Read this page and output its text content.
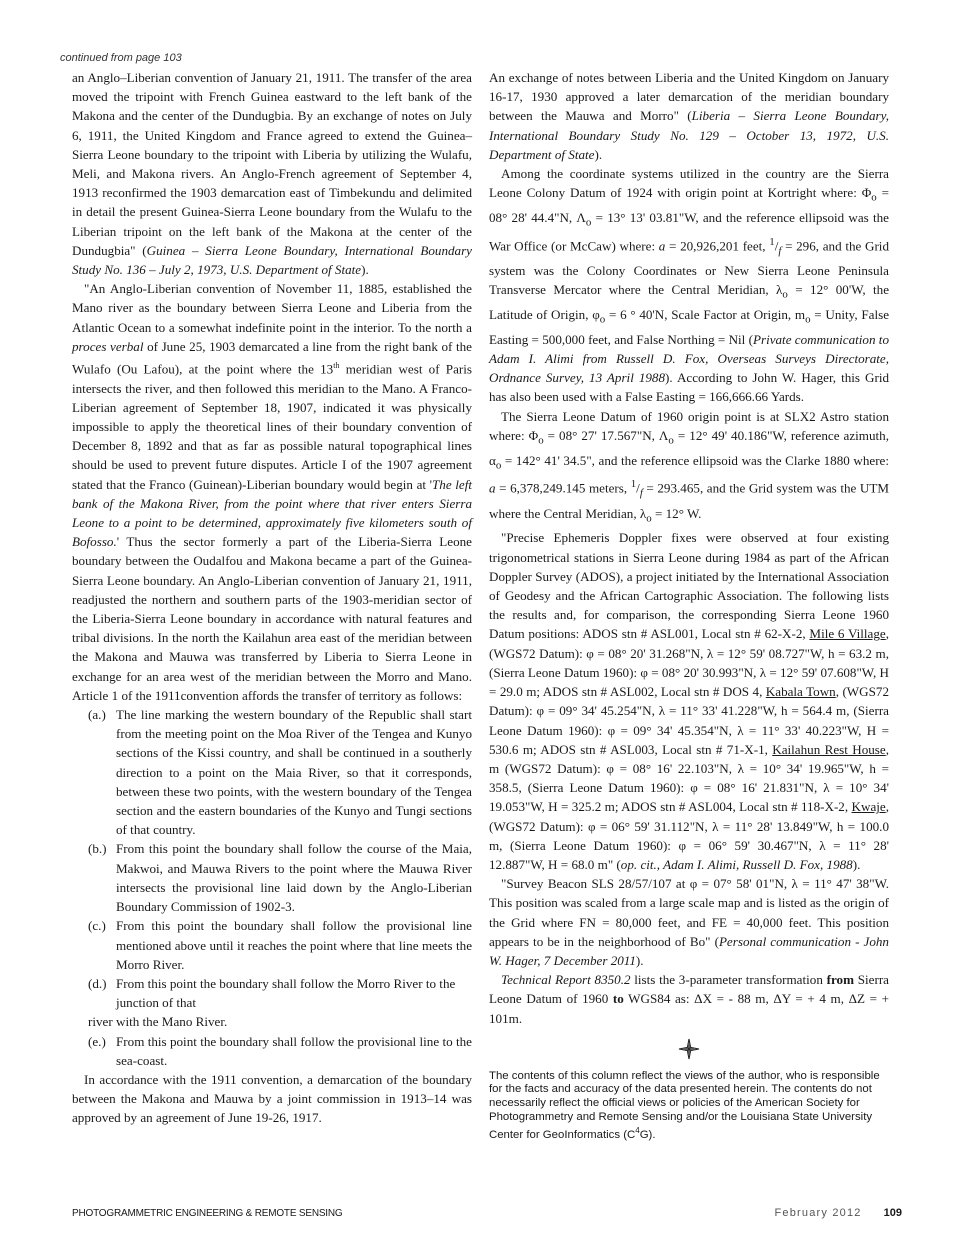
continued from page 103

an Anglo–Liberian convention of January 21, 1911. The transfer of the area moved the tripoint with French Guinea eastward to the left bank of the Makona and the center of the Dundugbia. By an exchange of notes on July 6, 1911, the United Kingdom and France agreed to extend the Guinea–Sierra Leone boundary to the tripoint with Liberia by utilizing the Wulafu, Meli, and Makona rivers. An Anglo-French agreement of September 4, 1913 reconfirmed the 1903 demarcation east of Timbekundu and delimited in detail the present Guinea-Sierra Leone boundary from the Wulafu to the Liberian tripoint on the left bank of the Makona at the center of the Dundugbia" (Guinea – Sierra Leone Boundary, International Boundary Study No. 136 – July 2, 1973, U.S. Department of State).

"An Anglo-Liberian convention of November 11, 1885, established the Mano river as the boundary between Sierra Leone and Liberia from the Atlantic Ocean to a somewhat indefinite point in the interior. To the north a proces verbal of June 25, 1903 demarcated a line from the right bank of the Wulafo (Ou Lafou), at the point where the 13th meridian west of Paris intersects the river, and then followed this meridian to the Mano. A Franco-Liberian agreement of September 18, 1907, indicated it was physically impossible to apply the theoretical lines of their boundary convention of December 8, 1892 and that as far as possible natural topographical lines should be used to prevent future disputes. Article I of the 1907 agreement stated that the Franco (Guinean)-Liberian boundary would begin at 'The left bank of the Makona River, from the point where that river enters Sierra Leone to a point to be determined, approximately five kilometers south of Bofosso.' Thus the sector formerly a part of the Liberia-Sierra Leone boundary between the Oudalfou and Makona became a part of the Guinea-Sierra Leone boundary. An Anglo-Liberian convention of January 21, 1911, readjusted the northern and southern parts of the 1903-meridian sector of the Liberia-Sierra Leone boundary in accordance with natural features and tribal divisions. In the north the Kailahun area east of the meridian between the Makona and Mauwa was transferred by Liberia to Sierra Leone in exchange for an area west of the meridian between the Morro and Mano. Article 1 of the 1911convention affords the transfer of territory as follows:

(a.) The line marking the western boundary of the Republic shall start from the meeting point on the Moa River of the Tengea and Kunyo sections of the Kissi country, and shall be continued in a southerly direction to a point on the Maia River, so that it corresponds, between these two points, with the western boundary of the Tengea section and the eastern boundaries of the Kunyo and Tungi sections of that country.
(b.) From this point the boundary shall follow the course of the Maia, Makwoi, and Mauwa Rivers to the point where the Mauwa River intersects the provisional line laid down by the Anglo-Liberian Boundary Commission of 1902-3.
(c.) From this point the boundary shall follow the provisional line mentioned above until it reaches the point where that line meets the Morro River.
(d.) From this point the boundary shall follow the Morro River to the junction of that

river with the Mano River.

(e.) From this point the boundary shall follow the provisional line to the sea-coast.

In accordance with the 1911 convention, a demarcation of the boundary between the Makona and Mauwa by a joint commission in 1913–14 was approved by an agreement of June 19-26, 1917.

An exchange of notes between Liberia and the United Kingdom on January 16-17, 1930 approved a later demarcation of the meridian boundary between the Mauwa and Morro" (Liberia – Sierra Leone Boundary, International Boundary Study No. 129 – October 13, 1972, U.S. Department of State).

Among the coordinate systems utilized in the country are the Sierra Leone Colony Datum of 1924 with origin point at Kortright where: $\Phi_o = 08^\circ$ 28' 44.4"N, $\Lambda_o = 13^\circ$ 13' 03.81"W, and the reference ellipsoid was the War Office (or McCaw) where: a = 20,926,201 feet, $^1/_f = 296$, and the Grid system was the Colony Coordinates or New Sierra Leone Peninsula Transverse Mercator where the Central Meridian, $\lambda_o = 12^\circ$ 00'W, the Latitude of Origin, $\varphi_o = 6$ ° 40'N, Scale Factor at Origin, $m_o$ = Unity, False Easting = 500,000 feet, and False Northing = Nil (Private communication to Adam I. Alimi from Russell D. Fox, Overseas Surveys Directorate, Ordnance Survey, 13 April 1988). According to John W. Hager, this Grid has also been used with a False Easting = 166,666.66 Yards.

The Sierra Leone Datum of 1960 origin point is at SLX2 Astro station where: $\Phi_o = 08^\circ$ 27' 17.567"N, $\Lambda_o = 12^\circ$ 49' 40.186"W, reference azimuth, $\alpha_o = 142^\circ$ 41' 34.5", and the reference ellipsoid was the Clarke 1880 where: a = 6,378,249.145 meters, $^1/_f = 293.465$, and the Grid system was the UTM where the Central Meridian, $\lambda_o = 12^\circ$ W.

"Precise Ephemeris Doppler fixes were observed at four existing trigonometrical stations in Sierra Leone during 1984 as part of the African Doppler Survey (ADOS), a project initiated by the International Association of Geodesy and the African Cartographic Association. The following lists the results and, for comparison, the corresponding Sierra Leone 1960 Datum positions: ADOS stn # ASL001, Local stn # 62-X-2, Mile 6 Village, (WGS72 Datum): φ = 08° 20' 31.268"N, λ = 12° 59' 08.727"W, h = 63.2 m, (Sierra Leone Datum 1960): φ = 08° 20' 30.993"N, λ = 12° 59' 07.608"W, H = 29.0 m; ADOS stn # ASL002, Local stn # DOS 4, Kabala Town, (WGS72 Datum): φ = 09° 34' 45.254"N, λ = 11° 33' 41.228"W, h = 564.4 m, (Sierra Leone Datum 1960): φ = 09° 34' 45.354"N, λ = 11° 33' 40.223"W, H = 530.6 m; ADOS stn # ASL003, Local stn # 71-X-1, Kailahun Rest House, m (WGS72 Datum): φ = 08° 16' 22.103"N, λ = 10° 34' 19.965"W, h = 358.5, (Sierra Leone Datum 1960): φ = 08° 16' 21.831"N, λ = 10° 34' 19.053"W, H = 325.2 m; ADOS stn # ASL004, Local stn # 118-X-2, Kwaje, (WGS72 Datum): φ = 06° 59' 31.112"N, λ = 11° 28' 13.849"W, h = 100.0 m, (Sierra Leone Datum 1960): φ = 06° 59' 30.467"N, λ = 11° 28' 12.887"W, H = 68.0 m" (op. cit., Adam I. Alimi, Russell D. Fox, 1988).

"Survey Beacon SLS 28/57/107 at φ = 07° 58' 01"N, λ = 11° 47' 38"W. This position was scaled from a large scale map and is listed as the origin of the Grid where FN = 80,000 feet, and FE = 40,000 feet. This position appears to be in the neighborhood of Bo" (Personal communication - John W. Hager, 7 December 2011).

Technical Report 8350.2 lists the 3-parameter transformation from Sierra Leone Datum of 1960 to WGS84 as: ΔX = - 88 m, ΔY = + 4 m, ΔZ = + 101m.

The contents of this column reflect the views of the author, who is responsible for the facts and accuracy of the data presented herein. The contents do not necessarily reflect the official views or policies of the American Society for Photogrammetry and Remote Sensing and/or the Louisiana State University Center for GeoInformatics $(C^4G)$.

PHOTOGRAMMETRIC ENGINEERING & REMOTE SENSING	February 2012 109
